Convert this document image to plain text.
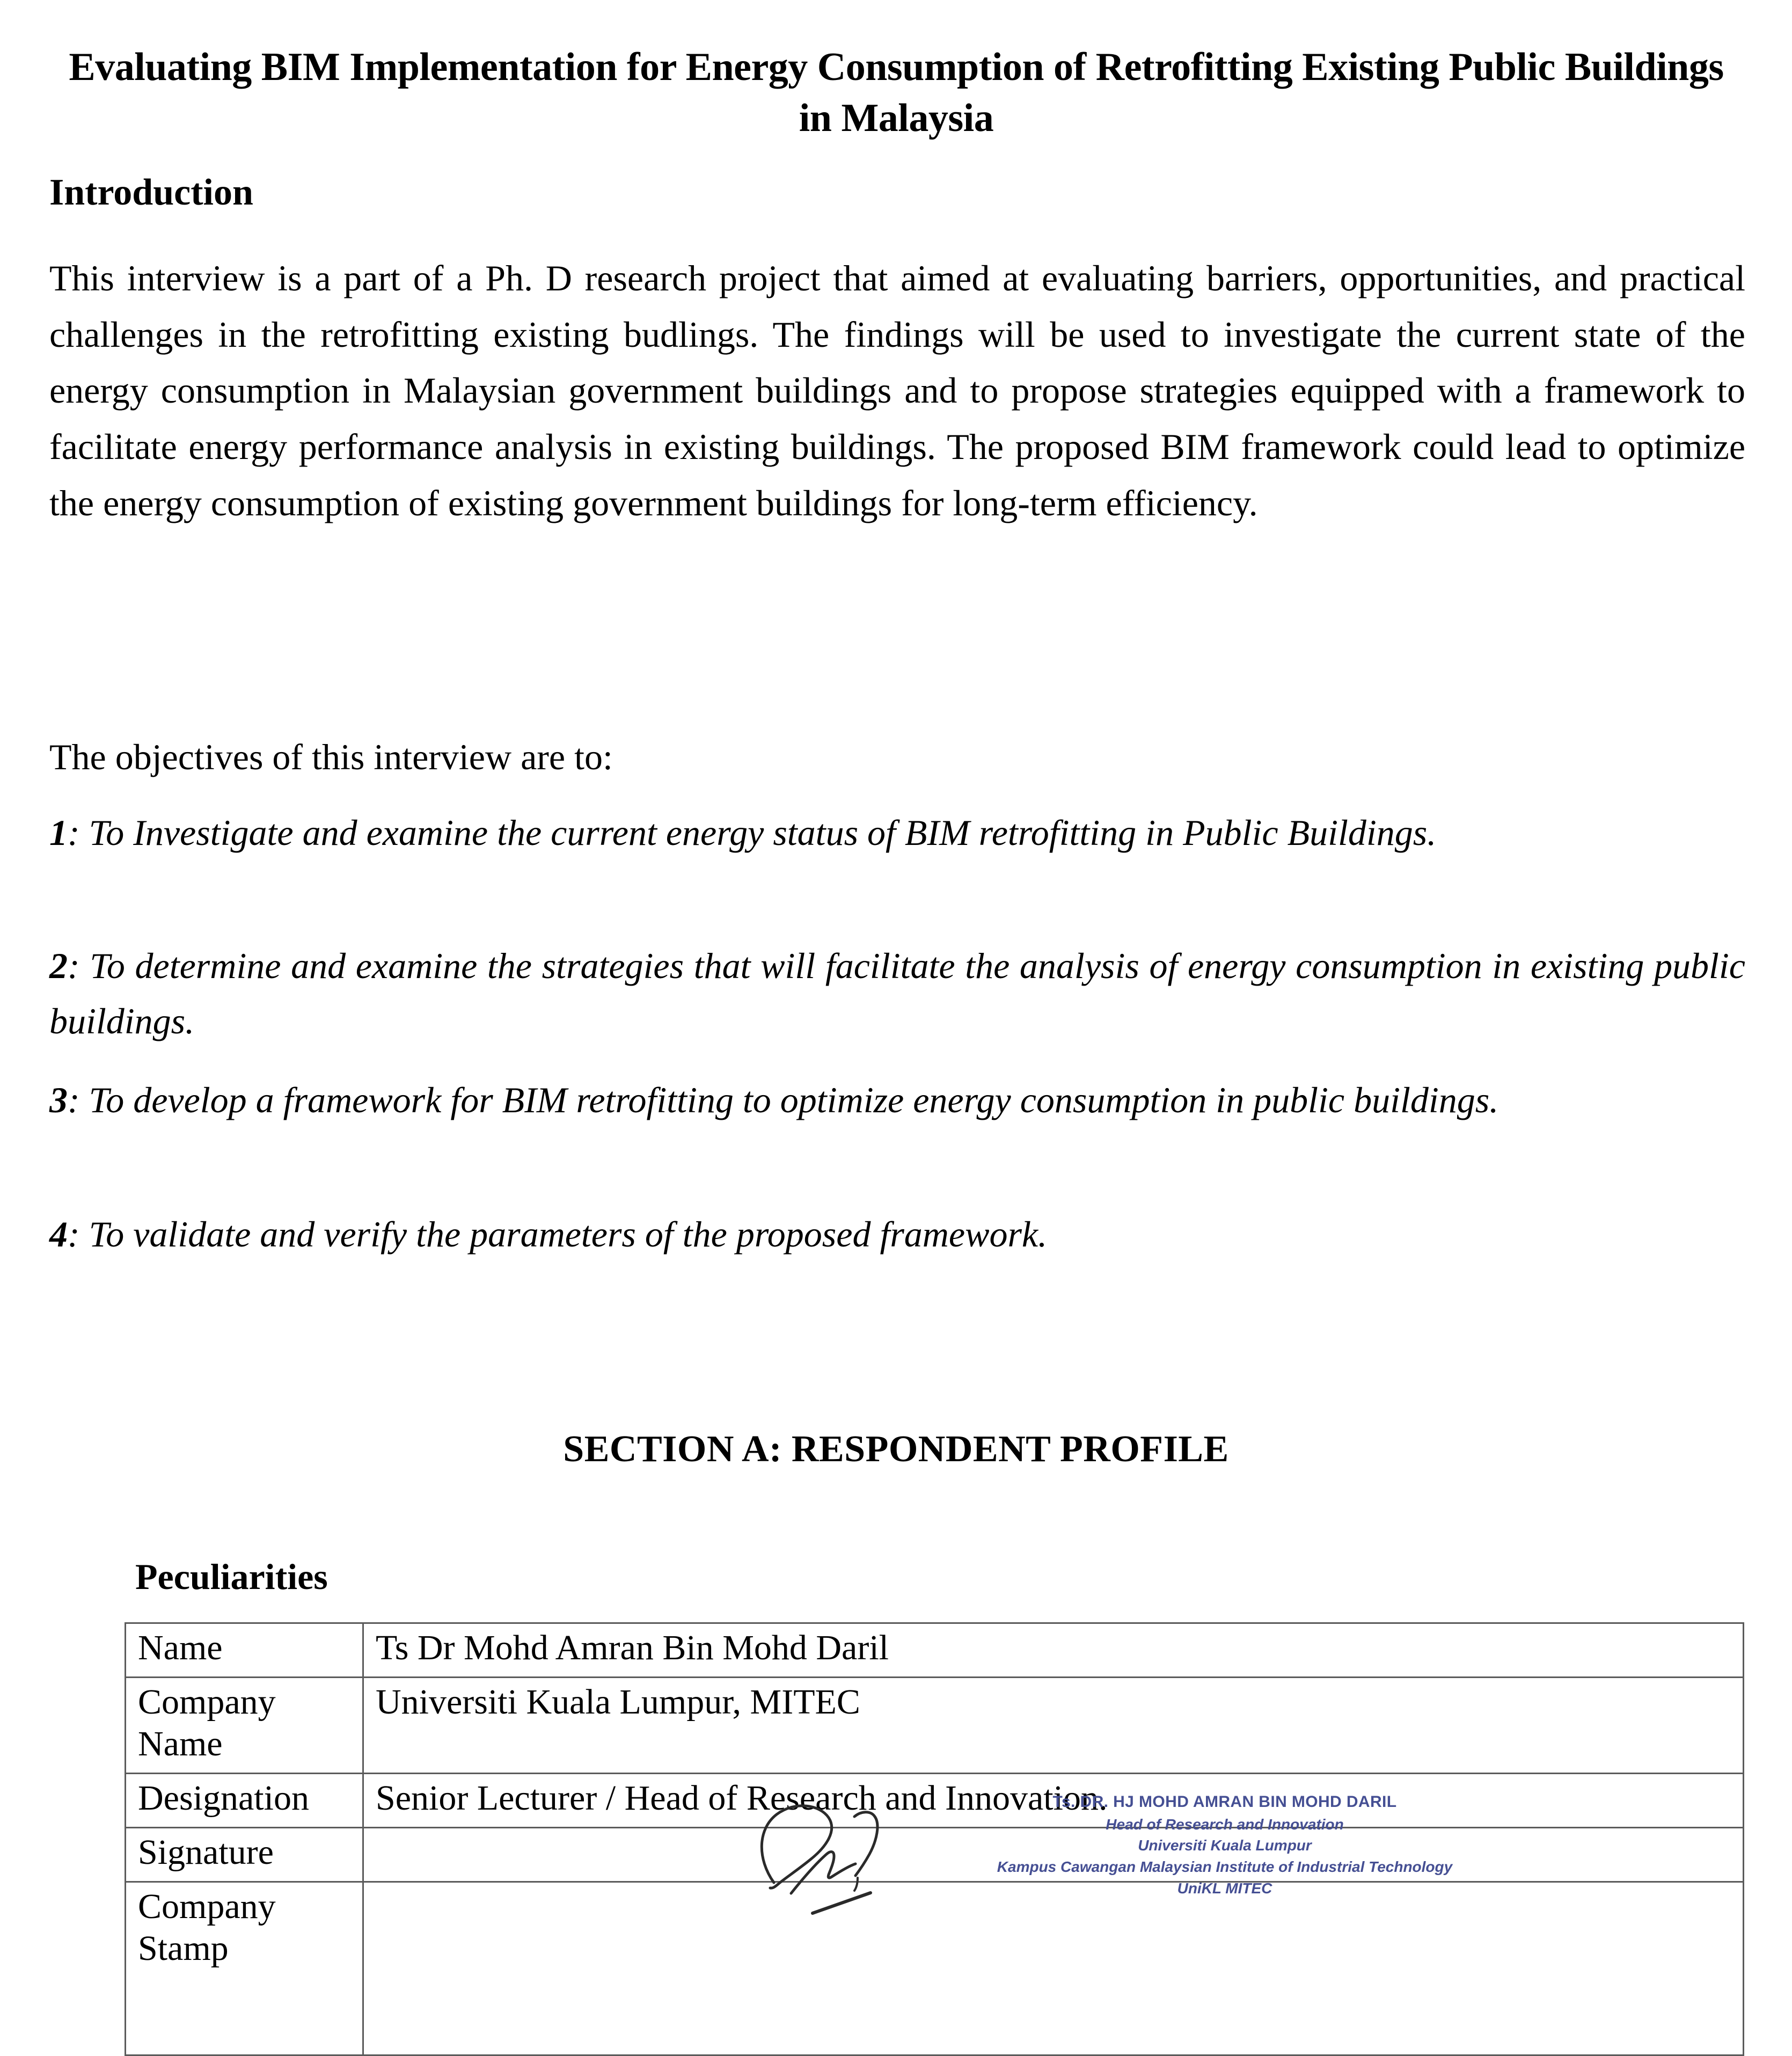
Evaluating BIM Implementation for Energy Consumption of Retrofitting Existing Public Buildings in Malaysia
Introduction
This interview is a part of a Ph. D research project that aimed at evaluating barriers, opportunities, and practical challenges in the retrofitting existing budlings. The findings will be used to investigate the current state of the energy consumption in Malaysian government buildings and to propose strategies equipped with a framework to facilitate energy performance analysis in existing buildings. The proposed BIM framework could lead to optimize the energy consumption of existing government buildings for long-term efficiency.
The objectives of this interview are to:
1: To Investigate and examine the current energy status of BIM retrofitting in Public Buildings.
2: To determine and examine the strategies that will facilitate the analysis of energy consumption in existing public buildings.
3: To develop a framework for BIM retrofitting to optimize energy consumption in public buildings.
4: To validate and verify the parameters of the proposed framework.
SECTION A: RESPONDENT PROFILE
Peculiarities
Name	Ts Dr Mohd Amran Bin Mohd Daril
Company Name	Universiti Kuala Lumpur, MITEC
Designation	Senior Lecturer / Head of Research and Innovation.
Signature	
Company Stamp	
Ts. DR. HJ MOHD AMRAN BIN MOHD DARIL
Head of Research and Innovation
Universiti Kuala Lumpur
Kampus Cawangan Malaysian Institute of Industrial Technology
UniKL MITEC
